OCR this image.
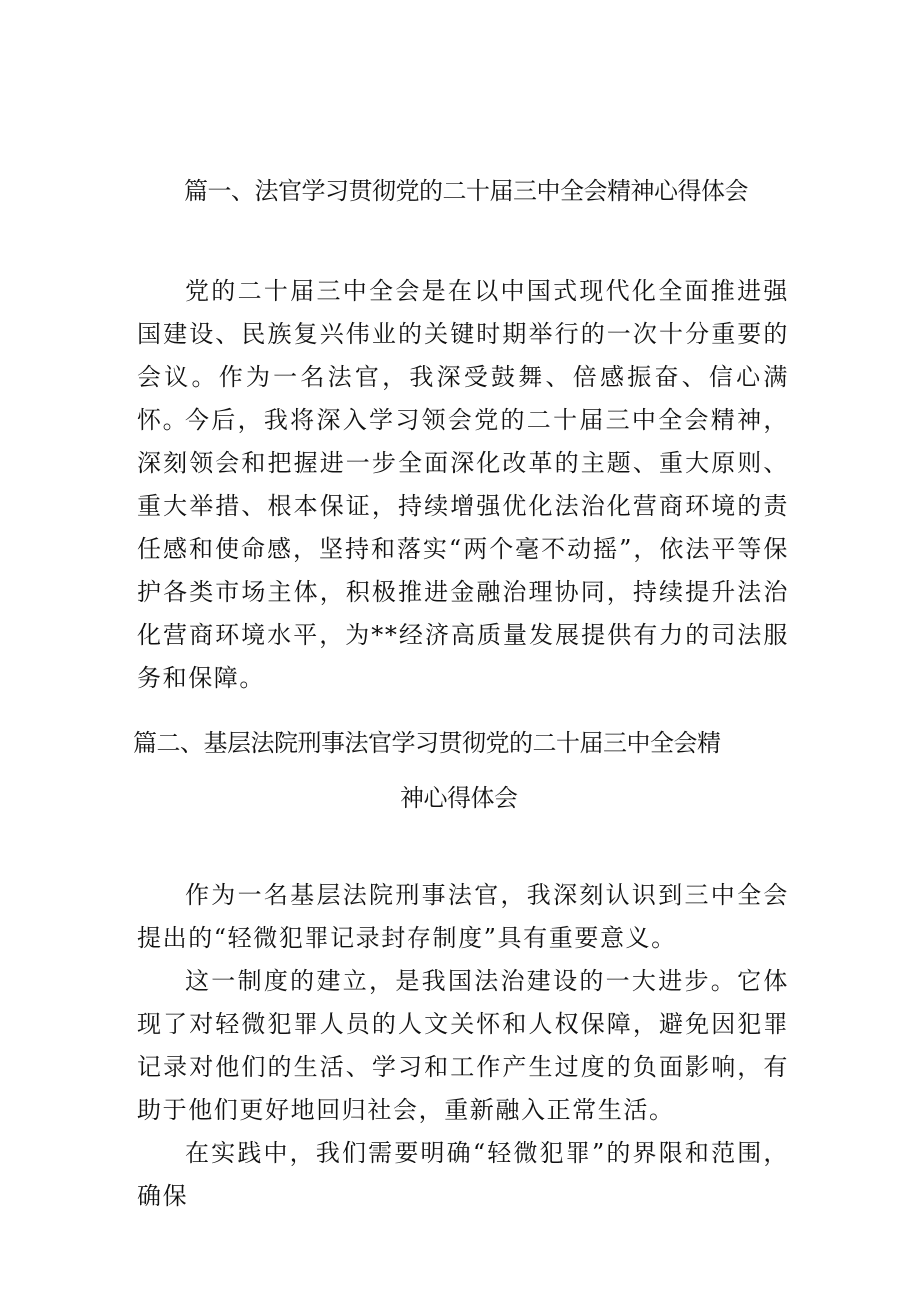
篇一、法官学习贯彻党的二十届三中全会精神心得体会

党的二十届三中全会是在以中国式现代化全面推进强国建设、民族复兴伟业的关键时期举行的一次十分重要的会议。作为一名法官，我深受鼓舞、倍感振奋、信心满怀。

今后，我将深入学习领会党的二十届三中全会精神，深刻领会和把握进一步全面深化改革的主题、重大原则、重大举措、根本保证，持续增强优化法治化营商环境的责任感和使命感，坚持和落实“两个毫不动摇”，依法平等保护各类市场主体，积极推进金融治理协同，持续提升法治化营商环境水平，为**经济高质量发展提供有力的司法服务和保障。

篇二、基层法院刑事法官学习贯彻党的二十届三中全会精
神心得体会

作为一名基层法院刑事法官，我深刻认识到三中全会提出的“轻微犯罪记录封存制度”具有重要意义。

这一制度的建立，是我国法治建设的一大进步。它体现了对轻微犯罪人员的人文关怀和人权保障，避免因犯罪记录对他们的生活、学习和工作产生过度的负面影响，有助于他们更好地回归社会，重新融入正常生活。

在实践中，我们需要明确“轻微犯罪”的界限和范围，确保
